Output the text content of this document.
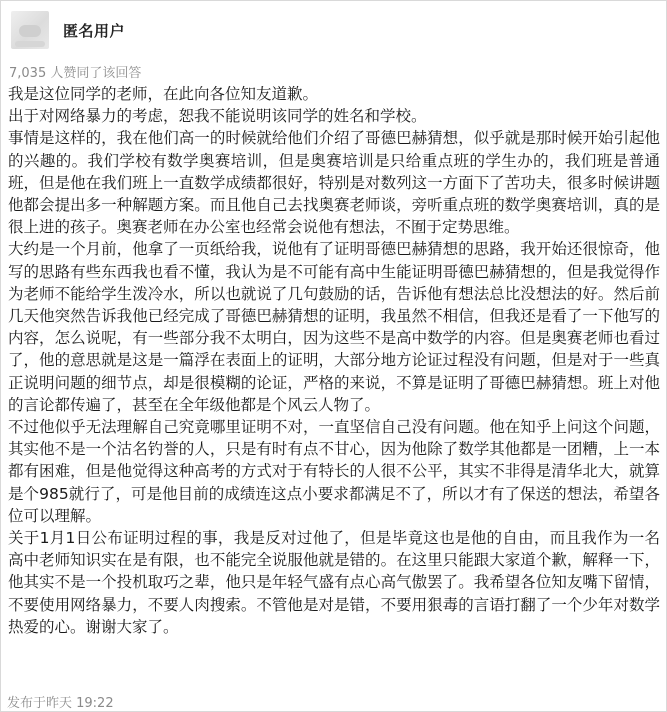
匿名用户
7,035 人赞同了该回答

我是这位同学的老师，在此向各位知友道歉。

出于对网络暴力的考虑，恕我不能说明该同学的姓名和学校。

事情是这样的，我在他们高一的时候就给他们介绍了哥德巴赫猜想，似乎就是那时候开始引起他的兴趣的。我们学校有数学奥赛培训，但是奥赛培训是只给重点班的学生办的，我们班是普通班，但是他在我们班上一直数学成绩都很好，特别是对数列这一方面下了苦功夫，很多时候讲题他都会提出多一种解题方案。而且他自己去找奥赛老师谈，旁听重点班的数学奥赛培训，真的是很上进的孩子。奥赛老师在办公室也经常会说他有想法，不囿于定势思维。

大约是一个月前，他拿了一页纸给我，说他有了证明哥德巴赫猜想的思路，我开始还很惊奇，他写的思路有些东西我也看不懂，我认为是不可能有高中生能证明哥德巴赫猜想的，但是我觉得作为老师不能给学生泼冷水，所以也就说了几句鼓励的话，告诉他有想法总比没想法的好。然后前几天他突然告诉我他已经完成了哥德巴赫猜想的证明，我虽然不相信，但我还是看了一下他写的内容，怎么说呢，有一些部分我不太明白，因为这些不是高中数学的内容。但是奥赛老师也看过了，他的意思就是这是一篇浮在表面上的证明，大部分地方论证过程没有问题，但是对于一些真正说明问题的细节点，却是很模糊的论证，严格的来说，不算是证明了哥德巴赫猜想。班上对他的言论都传遍了，甚至在全年级他都是个风云人物了。

不过他似乎无法理解自己究竟哪里证明不对，一直坚信自己没有问题。他在知乎上问这个问题，其实他不是一个沽名钓誉的人，只是有时有点不甘心，因为他除了数学其他都是一团糟，上一本都有困难，但是他觉得这种高考的方式对于有特长的人很不公平，其实不非得是清华北大，就算是个985就行了，可是他目前的成绩连这点小要求都满足不了，所以才有了保送的想法，希望各位可以理解。

关于1月1日公布证明过程的事，我是反对过他了，但是毕竟这也是他的自由，而且我作为一名高中老师知识实在是有限，也不能完全说服他就是错的。在这里只能跟大家道个歉，解释一下，他其实不是一个投机取巧之辈，他只是年轻气盛有点心高气傲罢了。我希望各位知友嘴下留情，不要使用网络暴力，不要人肉搜索。不管他是对是错，不要用狠毒的言语打翻了一个少年对数学热爱的心。谢谢大家了。

发布于昨天 19:22
